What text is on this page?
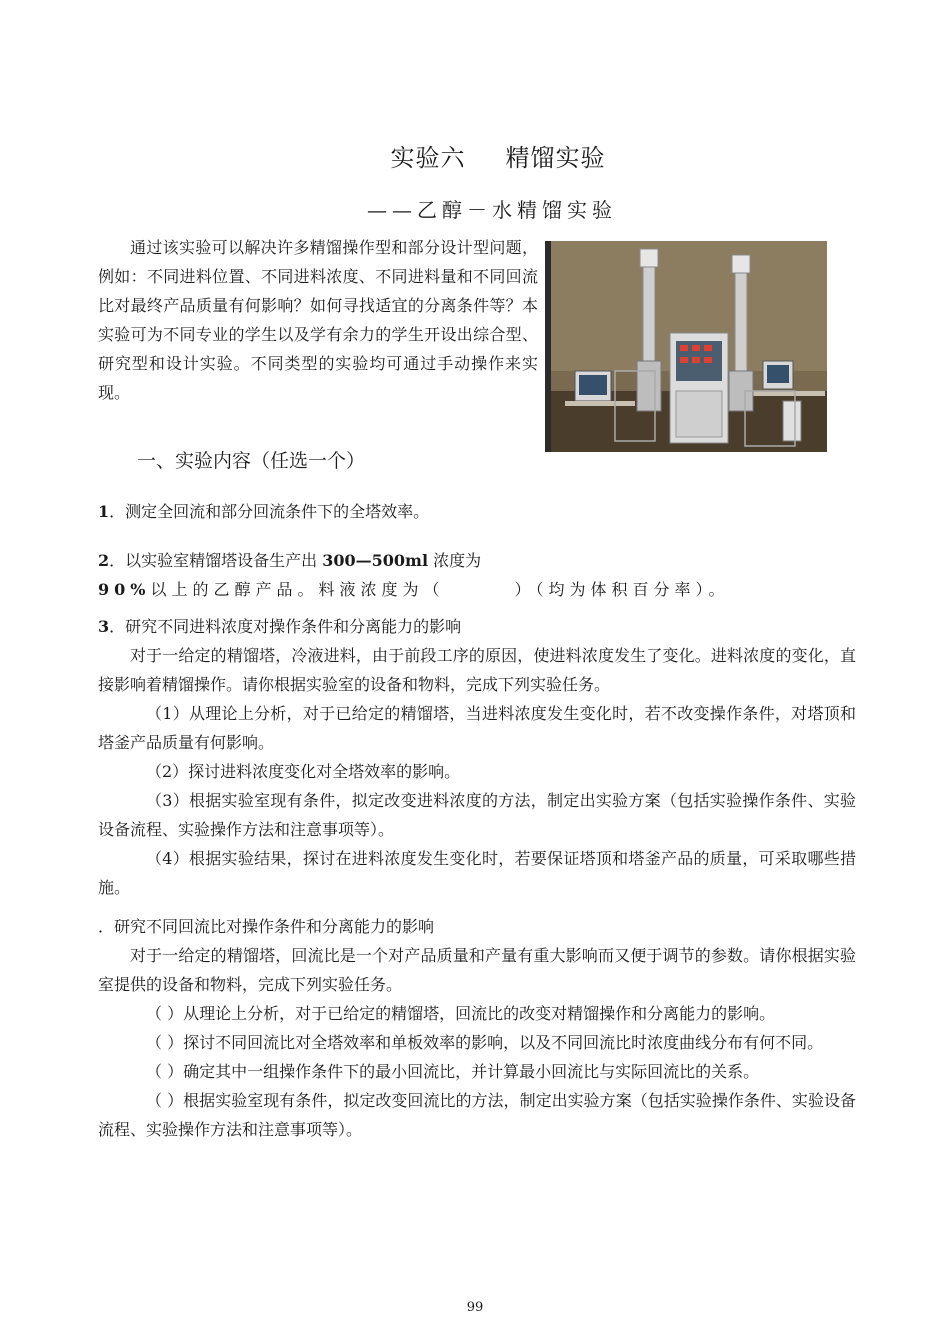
实验六 精馏实验
——乙醇－水精馏实验

通过该实验可以解决许多精馏操作型和部分设计型问题，例如：不同进料位置、不同进料浓度、不同进料量和不同回流比对最终产品质量有何影响？如何寻找适宜的分离条件等？本实验可为不同专业的学生以及学有余力的学生开设出综合型、研究型和设计实验。不同类型的实验均可通过手动操作来实现。

一、实验内容（任选一个）

1．测定全回流和部分回流条件下的全塔效率。

2．以实验室精馏塔设备生产出 300—500ml 浓度为

90%以上的乙醇产品。料液浓度为（	）（均为体积百分率）。

3．研究不同进料浓度对操作条件和分离能力的影响

对于一给定的精馏塔，冷液进料，由于前段工序的原因，使进料浓度发生了变化。进料浓度的变化，直接影响着精馏操作。请你根据实验室的设备和物料，完成下列实验任务。

（1）从理论上分析，对于已给定的精馏塔，当进料浓度发生变化时，若不改变操作条件，对塔顶和塔釜产品质量有何影响。

（2）探讨进料浓度变化对全塔效率的影响。

（3）根据实验室现有条件，拟定改变进料浓度的方法，制定出实验方案（包括实验操作条件、实验设备流程、实验操作方法和注意事项等）。

（4）根据实验结果，探讨在进料浓度发生变化时，若要保证塔顶和塔釜产品的质量，可采取哪些措施。

．研究不同回流比对操作条件和分离能力的影响

对于一给定的精馏塔，回流比是一个对产品质量和产量有重大影响而又便于调节的参数。请你根据实验室提供的设备和物料，完成下列实验任务。

（ ）从理论上分析，对于已给定的精馏塔，回流比的改变对精馏操作和分离能力的影响。

（ ）探讨不同回流比对全塔效率和单板效率的影响，以及不同回流比时浓度曲线分布有何不同。

（ ）确定其中一组操作条件下的最小回流比，并计算最小回流比与实际回流比的关系。

（ ）根据实验室现有条件，拟定改变回流比的方法，制定出实验方案（包括实验操作条件、实验设备流程、实验操作方法和注意事项等）。

99
